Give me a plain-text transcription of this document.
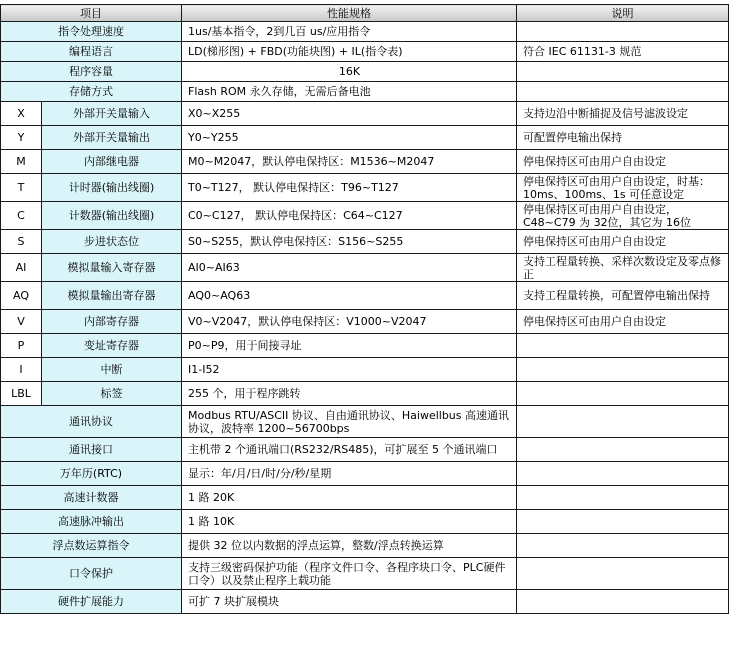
项目		性能规格	说明
指令处理速度		1us/基本指令，2到几百 us/应用指令	
编程语言		LD(梯形图) + FBD(功能块图) + IL(指令表)	符合 IEC 61131-3 规范
程序容量		16K	
存储方式		Flash ROM 永久存储，无需后备电池	
X	外部开关量输入	X0~X255	支持边沿中断捕捉及信号滤波设定
Y	外部开关量输出	Y0~Y255	可配置停电输出保持
M	内部继电器	M0~M2047，默认停电保持区：M1536~M2047	停电保持区可由用户自由设定
T	计时器(输出线圈)	T0~T127， 默认停电保持区：T96~T127	停电保持区可由用户自由设定，时基：10ms、100ms、1s 可任意设定
C	计数器(输出线圈)	C0~C127， 默认停电保持区：C64~C127	停电保持区可由用户自由设定，C48~C79 为 32位，其它为 16位
S	步进状态位	S0~S255，默认停电保持区：S156~S255	停电保持区可由用户自由设定
AI	模拟量输入寄存器	AI0~AI63	支持工程量转换、采样次数设定及零点修正
AQ	模拟量输出寄存器	AQ0~AQ63	支持工程量转换，可配置停电输出保持
V	内部寄存器	V0~V2047，默认停电保持区：V1000~V2047	停电保持区可由用户自由设定
P	变址寄存器	P0~P9，用于间接寻址	
I	中断	I1-I52	
LBL	标签	255 个，用于程序跳转	
通讯协议		Modbus RTU/ASCII 协议、自由通讯协议、Haiwellbus 高速通讯协议，波特率 1200~56700bps	
通讯接口		主机带 2 个通讯端口(RS232/RS485)，可扩展至 5 个通讯端口	
万年历(RTC)		显示：年/月/日/时/分/秒/星期	
高速计数器		1 路 20K	
高速脉冲输出		1 路 10K	
浮点数运算指令		提供 32 位以内数据的浮点运算，整数/浮点转换运算	
口令保护		支持三级密码保护功能（程序文件口令、各程序块口令、PLC硬件口令）以及禁止程序上载功能	
硬件扩展能力		可扩 7 块扩展模块	
